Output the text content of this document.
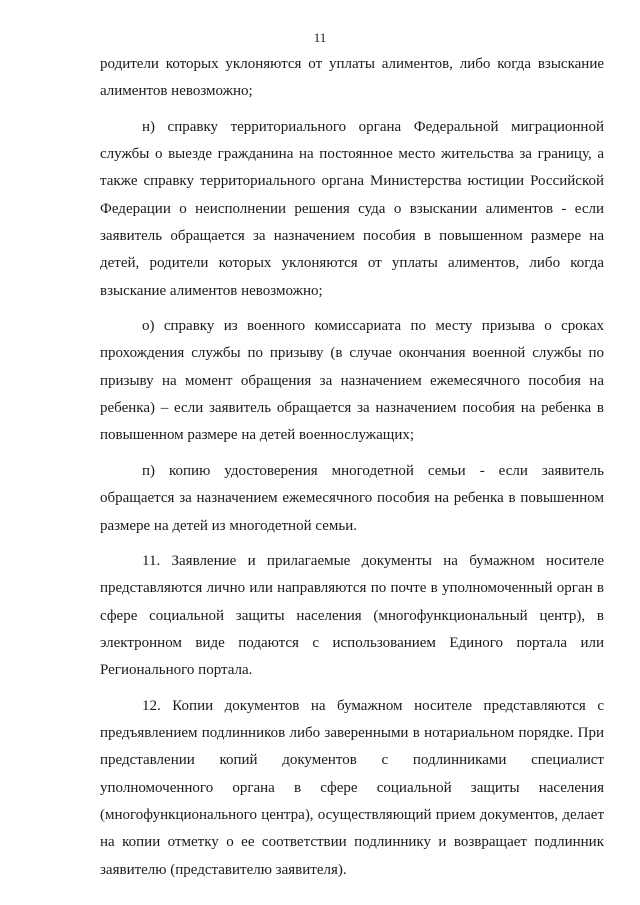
11

родители которых уклоняются от уплаты алиментов, либо когда взыскание алиментов невозможно;

н) справку территориального органа Федеральной миграционной службы о выезде гражданина на постоянное место жительства за границу, а также справку территориального органа Министерства юстиции Российской Федерации о неисполнении решения суда о взыскании алиментов - если заявитель обращается за назначением пособия в повышенном размере на детей, родители которых уклоняются от уплаты алиментов, либо когда взыскание алиментов невозможно;

о) справку из военного комиссариата по месту призыва о сроках прохождения службы по призыву (в случае окончания военной службы по призыву на момент обращения за назначением ежемесячного пособия на ребенка) – если заявитель обращается за назначением пособия на ребенка в повышенном размере на детей военнослужащих;

п) копию удостоверения многодетной семьи - если заявитель обращается за назначением ежемесячного пособия на ребенка в повышенном размере на детей из многодетной семьи.

11. Заявление и прилагаемые документы на бумажном носителе представляются лично или направляются по почте в уполномоченный орган в сфере социальной защиты населения (многофункциональный центр), в электронном виде подаются с использованием Единого портала или Регионального портала.

12. Копии документов на бумажном носителе представляются с предъявлением подлинников либо заверенными в нотариальном порядке. При представлении копий документов с подлинниками специалист уполномоченного органа в сфере социальной защиты населения (многофункционального центра), осуществляющий прием документов, делает на копии отметку о ее соответствии подлиннику и возвращает подлинник заявителю (представителю заявителя).
